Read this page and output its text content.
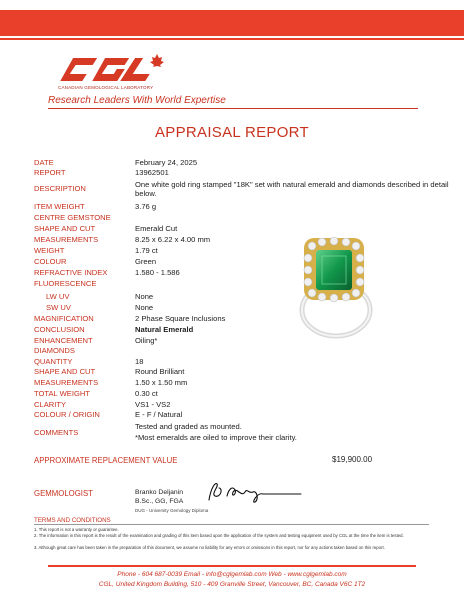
CANADIAN GEMOLOGICAL LABORATORY
Research Leaders With World Expertise
APPRAISAL REPORT
DATE	February 24, 2025
REPORT	13962501
DESCRIPTION	One white gold ring stamped "18K" set with natural emerald and diamonds described in detail below.
ITEM WEIGHT	3.76 g
CENTRE GEMSTONE
SHAPE AND CUT	Emerald Cut
MEASUREMENTS	8.25 x 6.22 x 4.00 mm
WEIGHT	1.79 ct
COLOUR	Green
REFRACTIVE INDEX	1.580 - 1.586
FLUORESCENCE
LW UV	None
SW UV	None
MAGNIFICATION	2 Phase Square Inclusions
CONCLUSION	Natural Emerald
ENHANCEMENT	Oiling*
DIAMONDS
QUANTITY	18
SHAPE AND CUT	Round Brilliant
MEASUREMENTS	1.50 x 1.50 mm
TOTAL WEIGHT	0.30 ct
CLARITY	VS1 - VS2
COLOUR / ORIGIN	E - F / Natural
COMMENTS
Tested and graded as mounted.
*Most emeralds are oiled to improve their clarity.
APPROXIMATE REPLACEMENT VALUE	$19,900.00
GEMMOLOGIST	Branko Deljanin
B.Sc., GG, FGA
DUG - University Gemology Diploma
TERMS AND CONDITIONS
1. This report is not a warranty or guarantee.
2. The information in this report is the result of the examination and grading of this item based upon the application of the system and testing equipment used by CGL at the time the item is tested.
3. Although great care has been taken in the preparation of this document, we assume no liability for any errors or omissions in this report, nor for any actions taken based on this report.
Phone - 604 687-0039 Email - info@cglgemlab.com Web - www.cglgemlab.com
CGL, United Kingdom Building, 510 - 409 Granville Street, Vancouver, BC, Canada V6C 1T2
